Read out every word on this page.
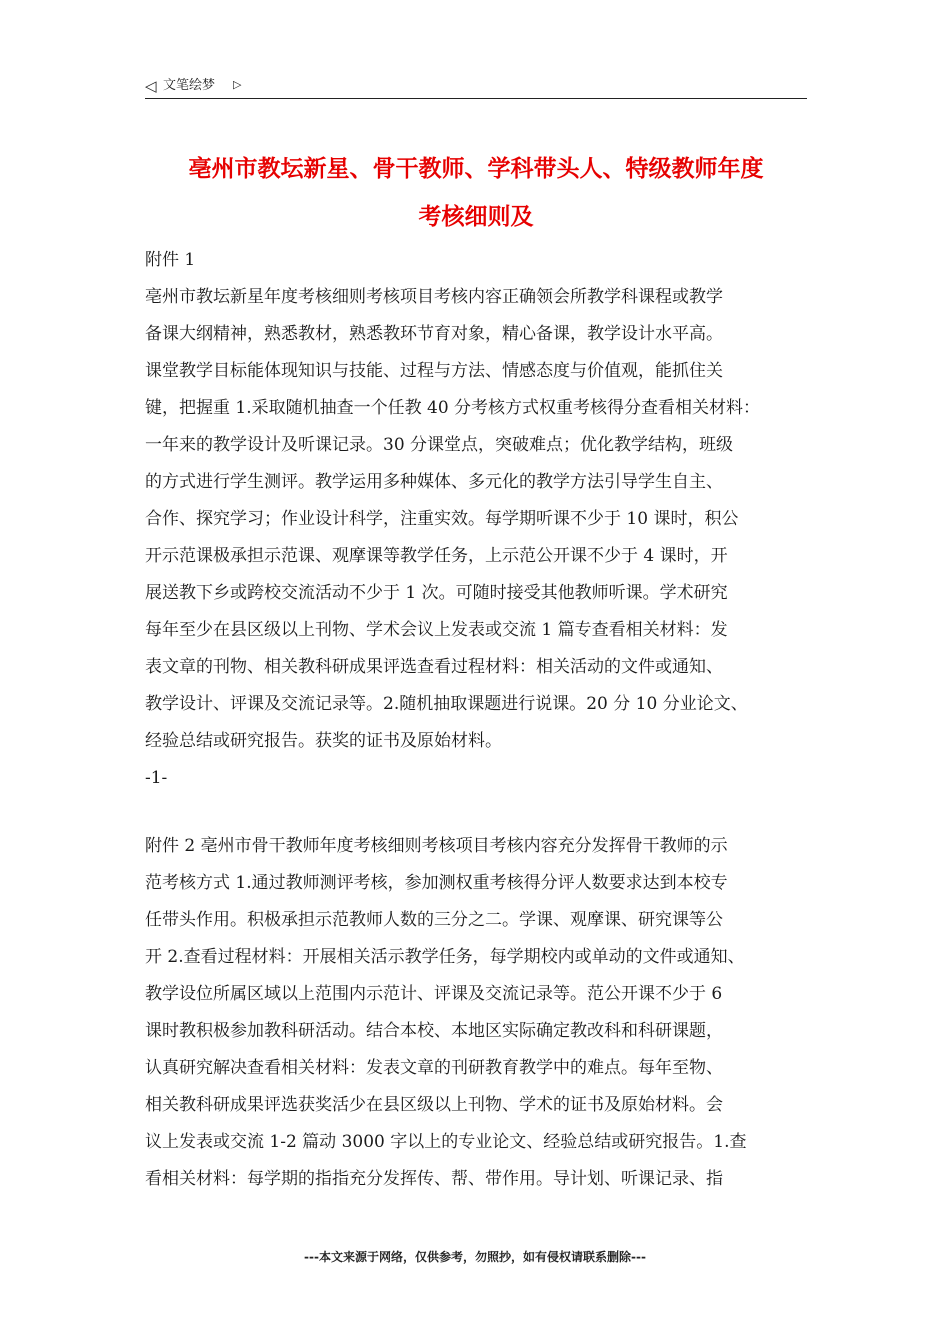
◁ 文笔绘梦 ▷
亳州市教坛新星、骨干教师、学科带头人、特级教师年度
考核细则及
附件 1
亳州市教坛新星年度考核细则考核项目考核内容正确领会所教学科课程或教学
备课大纲精神，熟悉教材，熟悉教环节育对象，精心备课，教学设计水平高。
课堂教学目标能体现知识与技能、过程与方法、情感态度与价值观，能抓住关
键，把握重 1.采取随机抽查一个任教 40 分考核方式权重考核得分查看相关材料：
一年来的教学设计及听课记录。30 分课堂点，突破难点；优化教学结构，班级
的方式进行学生测评。教学运用多种媒体、多元化的教学方法引导学生自主、
合作、探究学习；作业设计科学，注重实效。每学期听课不少于 10 课时，积公
开示范课极承担示范课、观摩课等教学任务，上示范公开课不少于 4 课时，开
展送教下乡或跨校交流活动不少于 1 次。可随时接受其他教师听课。学术研究
每年至少在县区级以上刊物、学术会议上发表或交流 1 篇专查看相关材料：发
表文章的刊物、相关教科研成果评选查看过程材料：相关活动的文件或通知、
教学设计、评课及交流记录等。2.随机抽取课题进行说课。20 分 10 分业论文、
经验总结或研究报告。获奖的证书及原始材料。
-1-
附件 2 亳州市骨干教师年度考核细则考核项目考核内容充分发挥骨干教师的示
范考核方式 1.通过教师测评考核，参加测权重考核得分评人数要求达到本校专
任带头作用。积极承担示范教师人数的三分之二。学课、观摩课、研究课等公
开 2.查看过程材料：开展相关活示教学任务，每学期校内或单动的文件或通知、
教学设位所属区域以上范围内示范计、评课及交流记录等。范公开课不少于 6
课时教积极参加教科研活动。结合本校、本地区实际确定教改科和科研课题，
认真研究解决查看相关材料：发表文章的刊研教育教学中的难点。每年至物、
相关教科研成果评选获奖活少在县区级以上刊物、学术的证书及原始材料。会
议上发表或交流 1-2 篇动 3000 字以上的专业论文、经验总结或研究报告。1.查
看相关材料：每学期的指指充分发挥传、帮、带作用。导计划、听课记录、指
---本文来源于网络，仅供参考，勿照抄，如有侵权请联系删除---
